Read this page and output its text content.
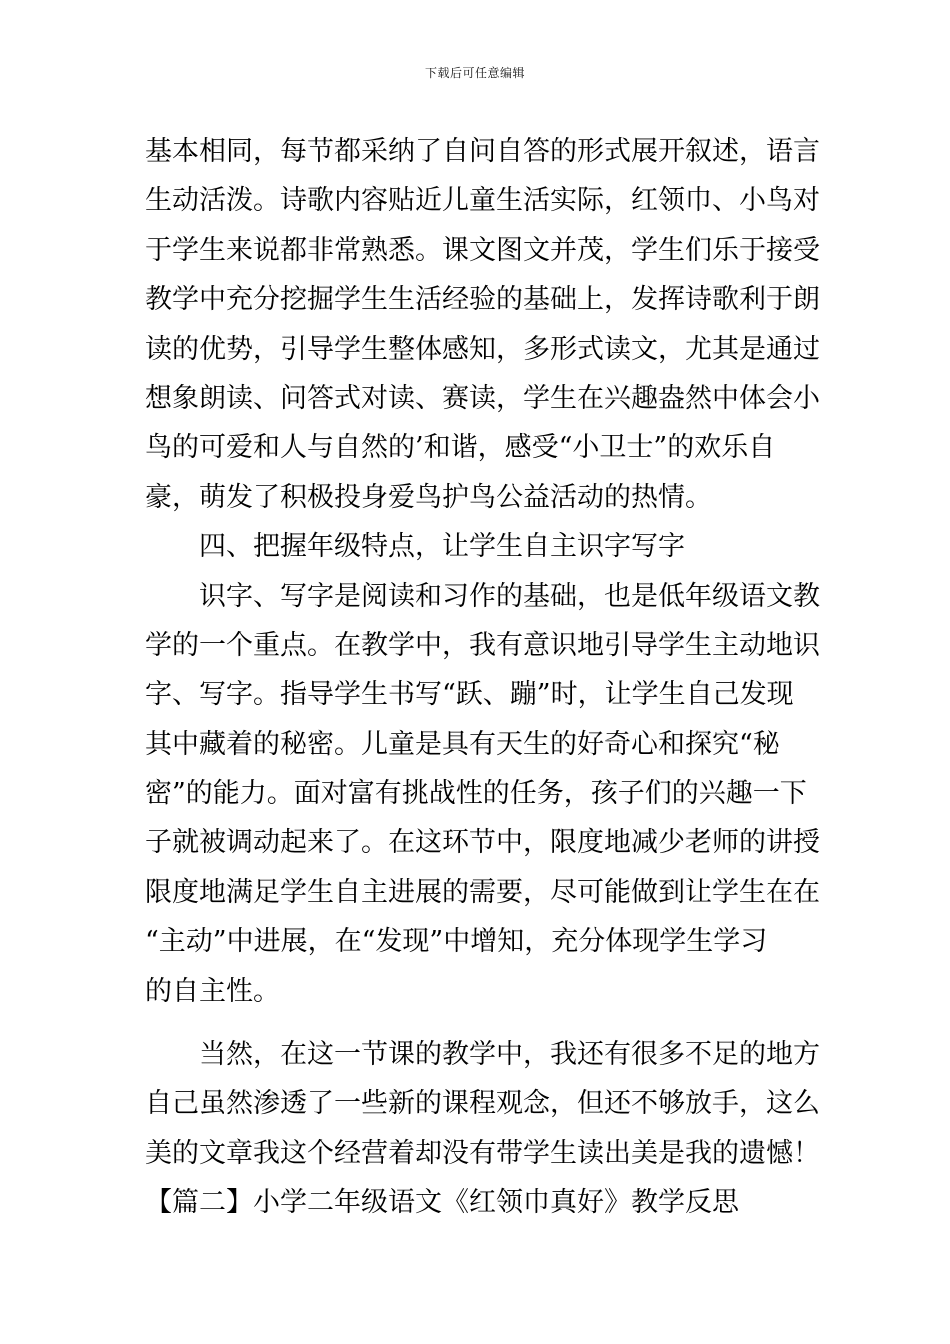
下载后可任意编辑
基本相同，每节都采纳了自问自答的形式展开叙述，语言
生动活泼。诗歌内容贴近儿童生活实际，红领巾、小鸟对
于学生来说都非常熟悉。课文图文并茂，学生们乐于接受
教学中充分挖掘学生生活经验的基础上，发挥诗歌利于朗
读的优势，引导学生整体感知，多形式读文，尤其是通过
想象朗读、问答式对读、赛读，学生在兴趣盎然中体会小
鸟的可爱和人与自然的’和谐，感受“小卫士”的欢乐自
豪，萌发了积极投身爱鸟护鸟公益活动的热情。
四、把握年级特点，让学生自主识字写字
识字、写字是阅读和习作的基础，也是低年级语文教
学的一个重点。在教学中，我有意识地引导学生主动地识
字、写字。指导学生书写“跃、蹦”时，让学生自己发现
其中藏着的秘密。儿童是具有天生的好奇心和探究“秘
密”的能力。面对富有挑战性的任务，孩子们的兴趣一下
子就被调动起来了。在这环节中，限度地减少老师的讲授
限度地满足学生自主进展的需要，尽可能做到让学生在在
“主动”中进展，在“发现”中增知，充分体现学生学习
的自主性。
当然，在这一节课的教学中，我还有很多不足的地方
自己虽然渗透了一些新的课程观念，但还不够放手，这么
美的文章我这个经营着却没有带学生读出美是我的遗憾！
【篇二】小学二年级语文《红领巾真好》教学反思
